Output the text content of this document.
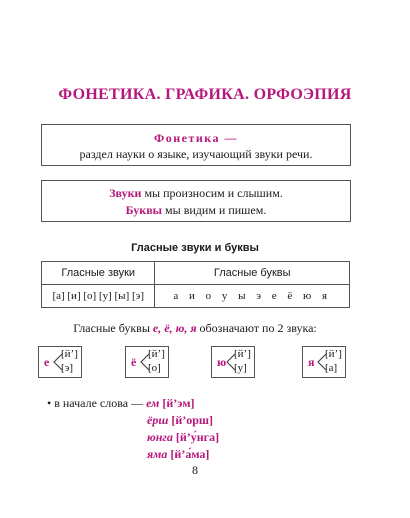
ФОНЕТИКА. ГРАФИКА. ОРФОЭПИЯ
Фонетика —
раздел науки о языке, изучающий звуки речи.
Звуки мы произносим и слышим.
Буквы мы видим и пишем.
Гласные звуки и буквы
Гласные звуки	Гласные буквы
[а] [и] [о] [у] [ы] [э]	а и о у ы э е ё ю я
Гласные буквы е, ё, ю, я обозначают по 2 звука:
е
[й’]
[э]	ё
[й’]
[о]	ю
[й’]
[у]	я
[й’]
[а]
• в начале слова — ем [й’эм]
ёрш [й’орш]
юнга [й’у́нга]
яма [й’а́ма]
8
